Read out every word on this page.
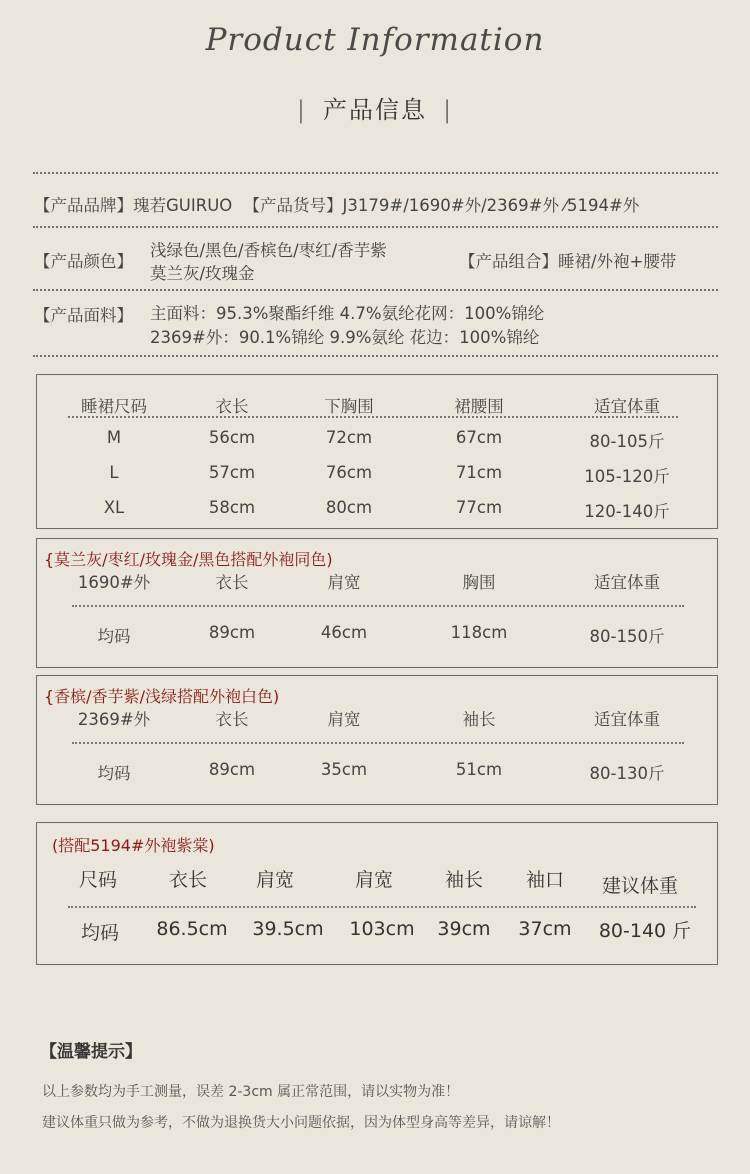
Product Information
| 产品信息 |
【产品品牌】瑰若GUIRUO 【产品货号】J3179#/1690#外/2369#外 ⁄5194#外
【产品颜色】
浅绿色/黑色/香槟色/枣红/香芋紫
莫兰灰/玫瑰金
【产品组合】睡裙/外袍+腰带
【产品面料】 主面料：95.3%聚酯纤维 4.7%氨纶花网：100%锦纶
2369#外：90.1%锦纶 9.9%氨纶 花边：100%锦纶
睡裙尺码	衣长	下胸围	裙腰围	适宜体重
M	56cm	72cm	67cm	80-105斤
L	57cm	76cm	71cm	105-120斤
XL	58cm	80cm	77cm	120-140斤
{莫兰灰/枣红/玫瑰金/黑色搭配外袍同色)
1690#外	衣长	肩宽	胸围	适宜体重
均码	89cm	46cm	118cm	80-150斤
{香槟/香芋紫/浅绿搭配外袍白色)
2369#外	衣长	肩宽	袖长	适宜体重
均码	89cm	35cm	51cm	80-130斤
(搭配5194#外袍紫棠)
尺码	衣长	肩宽	肩宽	袖长 袖口 建议体重
均码 86.5cm 39.5cm 103cm 39cm 37cm 80-140 斤
【温馨提示】
以上参数均为手工测量，误差 2-3cm 属正常范围，请以实物为准！
建议体重只做为参考，不做为退换货大小问题依据，因为体型身高等差异，请谅解！
